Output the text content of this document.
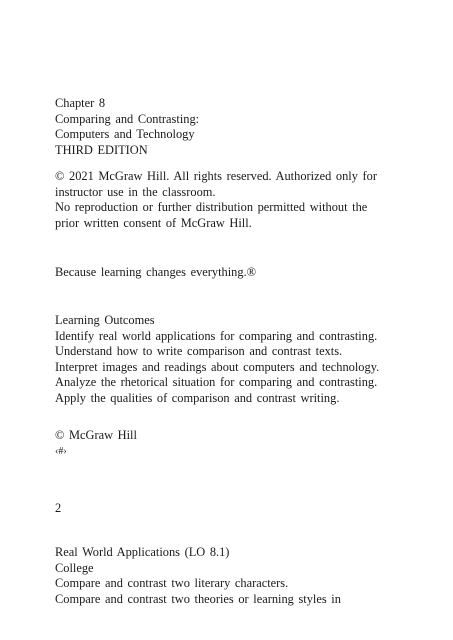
Chapter 8
Comparing and Contrasting:
Computers and Technology
THIRD EDITION
© 2021 McGraw Hill. All rights reserved. Authorized only for
instructor use in the classroom.
No reproduction or further distribution permitted without the
prior written consent of McGraw Hill.
Because learning changes everything.®
Learning Outcomes
Identify real world applications for comparing and contrasting.
Understand how to write comparison and contrast texts.
Interpret images and readings about computers and technology.
Analyze the rhetorical situation for comparing and contrasting.
Apply the qualities of comparison and contrast writing.
© McGraw Hill
‹#›
2
Real World Applications (LO 8.1)
College
Compare and contrast two literary characters.
Compare and contrast two theories or learning styles in
